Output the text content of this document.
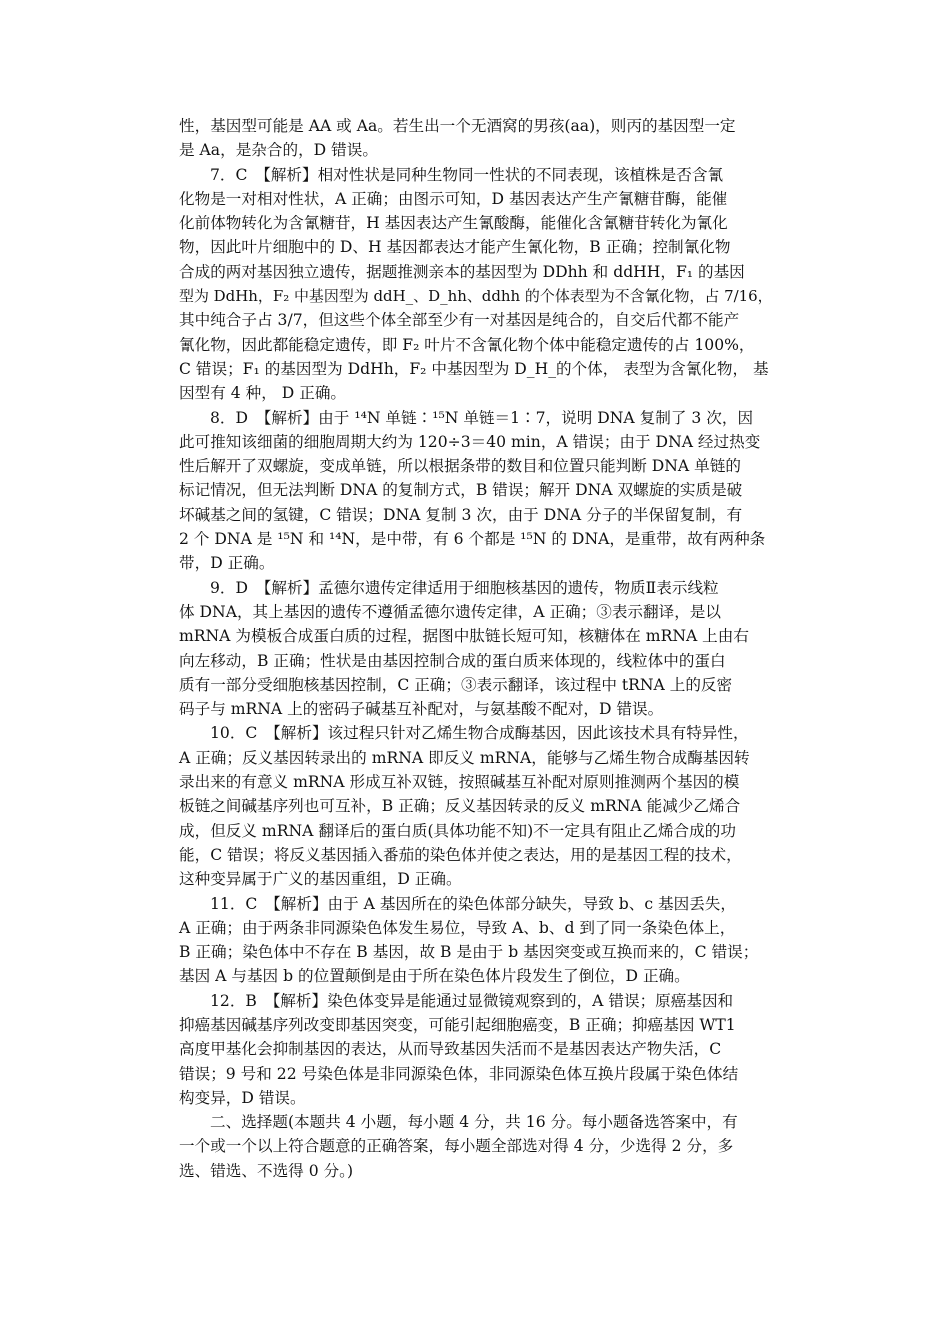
性，基因型可能是 AA 或 Aa。若生出一个无酒窝的男孩(aa)，则丙的基因型一定
是 Aa，是杂合的，D 错误。
7．C　【解析】相对性状是同种生物同一性状的不同表现，该植株是否含氰
化物是一对相对性状，A 正确；由图示可知，D 基因表达产生产氰糖苷酶，能催
化前体物转化为含氰糖苷，H 基因表达产生氰酸酶，能催化含氰糖苷转化为氰化
物，因此叶片细胞中的 D、H 基因都表达才能产生氰化物，B 正确；控制氰化物
合成的两对基因独立遗传，据题推测亲本的基因型为 DDhh 和 ddHH，F₁ 的基因
型为 DdHh，F₂ 中基因型为 ddH_、D_hh、ddhh 的个体表型为不含氰化物，占 7/16，
其中纯合子占 3/7，但这些个体全部至少有一对基因是纯合的，自交后代都不能产
氰化物，因此都能稳定遗传，即 F₂ 叶片不含氰化物个体中能稳定遗传的占 100%，
C 错误；F₁ 的基因型为 DdHh，F₂ 中基因型为 D_H_的个体， 表型为含氰化物， 基
因型有 4 种， D 正确。
8．D　【解析】由于 ¹⁴N 单链∶¹⁵N 单链＝1∶7，说明 DNA 复制了 3 次，因
此可推知该细菌的细胞周期大约为 120÷3＝40 min，A 错误；由于 DNA 经过热变
性后解开了双螺旋，变成单链，所以根据条带的数目和位置只能判断 DNA 单链的
标记情况，但无法判断 DNA 的复制方式，B 错误；解开 DNA 双螺旋的实质是破
坏碱基之间的氢键，C 错误；DNA 复制 3 次，由于 DNA 分子的半保留复制，有
2 个 DNA 是 ¹⁵N 和 ¹⁴N，是中带，有 6 个都是 ¹⁵N 的 DNA，是重带，故有两种条
带，D 正确。
9．D　【解析】孟德尔遗传定律适用于细胞核基因的遗传，物质Ⅱ表示线粒
体 DNA，其上基因的遗传不遵循孟德尔遗传定律，A 正确；③表示翻译，是以
mRNA 为模板合成蛋白质的过程，据图中肽链长短可知，核糖体在 mRNA 上由右
向左移动，B 正确；性状是由基因控制合成的蛋白质来体现的，线粒体中的蛋白
质有一部分受细胞核基因控制，C 正确；③表示翻译，该过程中 tRNA 上的反密
码子与 mRNA 上的密码子碱基互补配对，与氨基酸不配对，D 错误。
10．C　【解析】该过程只针对乙烯生物合成酶基因，因此该技术具有特异性，
A 正确；反义基因转录出的 mRNA 即反义 mRNA，能够与乙烯生物合成酶基因转
录出来的有意义 mRNA 形成互补双链，按照碱基互补配对原则推测两个基因的模
板链之间碱基序列也可互补，B 正确；反义基因转录的反义 mRNA 能减少乙烯合
成，但反义 mRNA 翻译后的蛋白质(具体功能不知)不一定具有阻止乙烯合成的功
能，C 错误；将反义基因插入番茄的染色体并使之表达，用的是基因工程的技术，
这种变异属于广义的基因重组，D 正确。
11．C　【解析】由于 A 基因所在的染色体部分缺失，导致 b、c 基因丢失，
A 正确；由于两条非同源染色体发生易位，导致 A、b、d 到了同一条染色体上，
B 正确；染色体中不存在 B 基因，故 B 是由于 b 基因突变或互换而来的，C 错误；
基因 A 与基因 b 的位置颠倒是由于所在染色体片段发生了倒位，D 正确。
12．B　【解析】染色体变异是能通过显微镜观察到的，A 错误；原癌基因和
抑癌基因碱基序列改变即基因突变，可能引起细胞癌变，B 正确；抑癌基因 WT1
高度甲基化会抑制基因的表达，从而导致基因失活而不是基因表达产物失活，C
错误；9 号和 22 号染色体是非同源染色体，非同源染色体互换片段属于染色体结
构变异，D 错误。
二、选择题(本题共 4 小题，每小题 4 分，共 16 分。每小题备选答案中，有
一个或一个以上符合题意的正确答案，每小题全部选对得 4 分，少选得 2 分，多
选、错选、不选得 0 分。)
